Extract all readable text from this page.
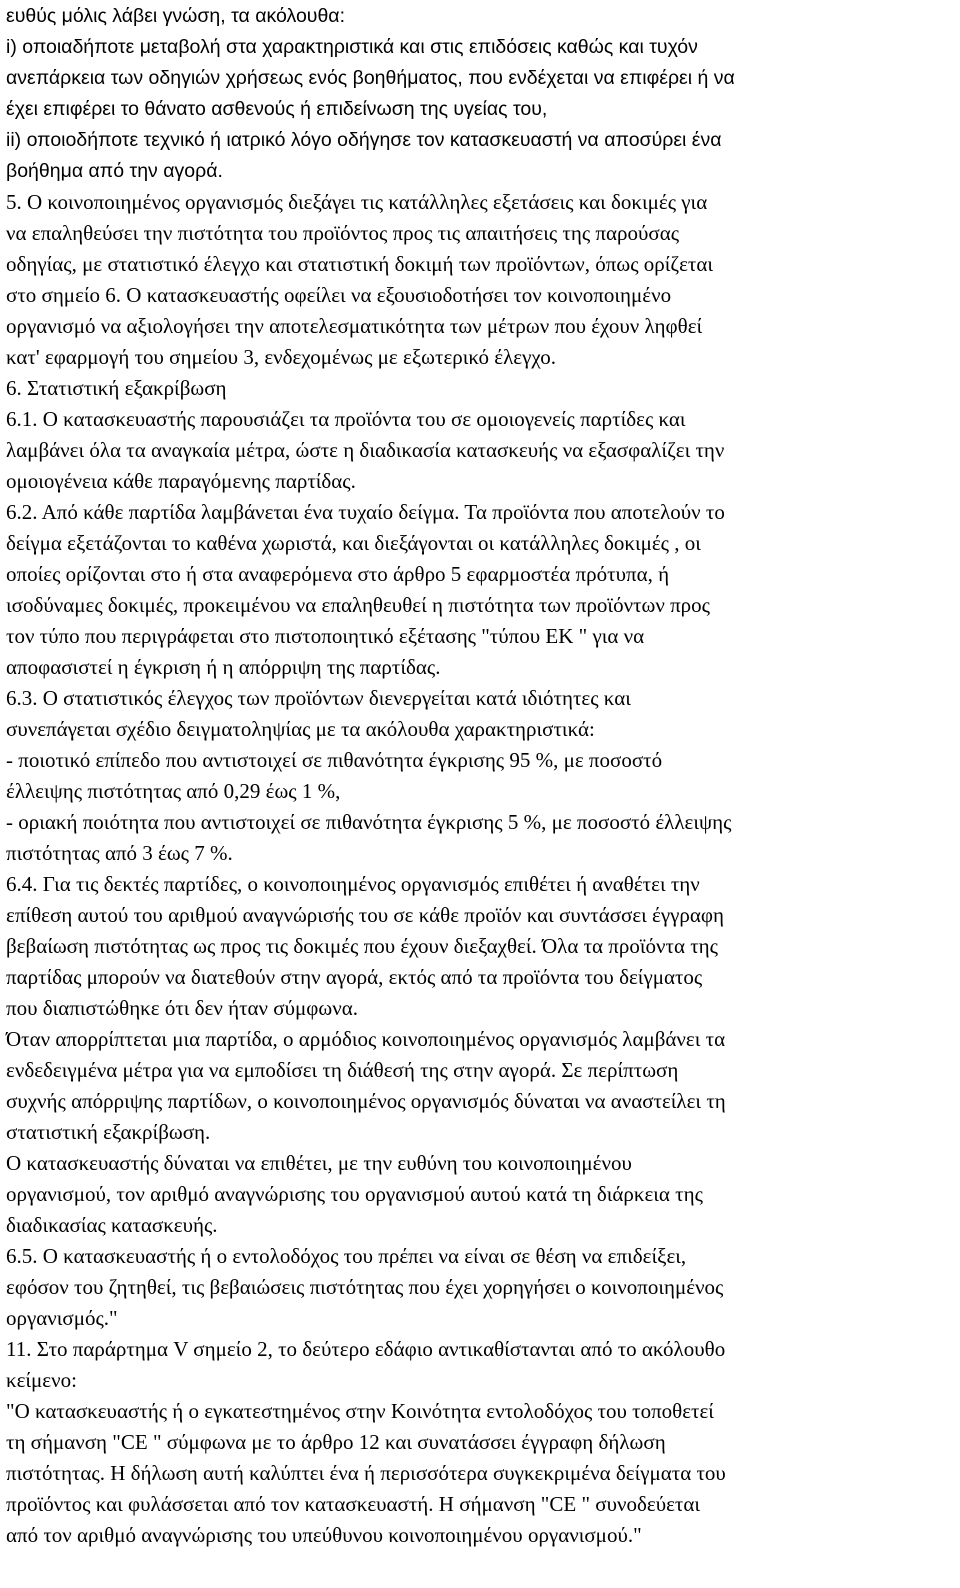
ευθύς μόλις λάβει γνώση, τα ακόλουθα:
i) οποιαδήποτε μεταβολή στα χαρακτηριστικά και στις επιδόσεις καθώς και τυχόν
ανεπάρκεια των οδηγιών χρήσεως ενός βοηθήματος, που ενδέχεται να επιφέρει ή να
έχει επιφέρει το θάνατο ασθενούς ή επιδείνωση της υγείας του,
ii) οποιοδήποτε τεχνικό ή ιατρικό λόγο οδήγησε τον κατασκευαστή να αποσύρει ένα
βοήθημα από την αγορά.
5. Ο κοινοποιημένος οργανισμός διεξάγει τις κατάλληλες εξετάσεις και δοκιμές για
να επαληθεύσει την πιστότητα του προϊόντος προς τις απαιτήσεις της παρούσας
οδηγίας, με στατιστικό έλεγχο και στατιστική δοκιμή των προϊόντων, όπως ορίζεται
στο σημείο 6. Ο κατασκευαστής οφείλει να εξουσιοδοτήσει τον κοινοποιημένο
οργανισμό να αξιολογήσει την αποτελεσματικότητα των μέτρων που έχουν ληφθεί
κατ' εφαρμογή του σημείου 3, ενδεχομένως με εξωτερικό έλεγχο.
6. Στατιστική εξακρίβωση
6.1. Ο κατασκευαστής παρουσιάζει τα προϊόντα του σε ομοιογενείς παρτίδες και
λαμβάνει όλα τα αναγκαία μέτρα, ώστε η διαδικασία κατασκευής να εξασφαλίζει την
ομοιογένεια κάθε παραγόμενης παρτίδας.
6.2. Από κάθε παρτίδα λαμβάνεται ένα τυχαίο δείγμα. Τα προϊόντα που αποτελούν το
δείγμα εξετάζονται το καθένα χωριστά, και διεξάγονται οι κατάλληλες δοκιμές , οι
οποίες ορίζονται στο ή στα αναφερόμενα στο άρθρο 5 εφαρμοστέα πρότυπα, ή
ισοδύναμες δοκιμές, προκειμένου να επαληθευθεί η πιστότητα των προϊόντων προς
τον τύπο που περιγράφεται στο πιστοποιητικό εξέτασης "τύπου ΕΚ " για να
αποφασιστεί η έγκριση ή η απόρριψη της παρτίδας.
6.3. Ο στατιστικός έλεγχος των προϊόντων διενεργείται κατά ιδιότητες και
συνεπάγεται σχέδιο δειγματοληψίας με τα ακόλουθα χαρακτηριστικά:
- ποιοτικό επίπεδο που αντιστοιχεί σε πιθανότητα έγκρισης 95 %, με ποσοστό
έλλειψης πιστότητας από 0,29 έως 1 %,
- οριακή ποιότητα που αντιστοιχεί σε πιθανότητα έγκρισης 5 %, με ποσοστό έλλειψης
πιστότητας από 3 έως 7 %.
6.4. Για τις δεκτές παρτίδες, ο κοινοποιημένος οργανισμός επιθέτει ή αναθέτει την
επίθεση αυτού του αριθμού αναγνώρισής του σε κάθε προϊόν και συντάσσει έγγραφη
βεβαίωση πιστότητας ως προς τις δοκιμές που έχουν διεξαχθεί. Όλα τα προϊόντα της
παρτίδας μπορούν να διατεθούν στην αγορά, εκτός από τα προϊόντα του δείγματος
που διαπιστώθηκε ότι δεν ήταν σύμφωνα.
Όταν απορρίπτεται μια παρτίδα, ο αρμόδιος κοινοποιημένος οργανισμός λαμβάνει τα
ενδεδειγμένα μέτρα για να εμποδίσει τη διάθεσή της στην αγορά. Σε περίπτωση
συχνής απόρριψης παρτίδων, ο κοινοποιημένος οργανισμός δύναται να αναστείλει τη
στατιστική εξακρίβωση.
Ο κατασκευαστής δύναται να επιθέτει, με την ευθύνη του κοινοποιημένου
οργανισμού, τον αριθμό αναγνώρισης του οργανισμού αυτού κατά τη διάρκεια της
διαδικασίας κατασκευής.
6.5. Ο κατασκευαστής ή ο εντολοδόχος του πρέπει να είναι σε θέση να επιδείξει,
εφόσον του ζητηθεί, τις βεβαιώσεις πιστότητας που έχει χορηγήσει ο κοινοποιημένος
οργανισμός."
11. Στο παράρτημα V σημείο 2, το δεύτερο εδάφιο αντικαθίστανται από το ακόλουθο
κείμενο:
"Ο κατασκευαστής ή ο εγκατεστημένος στην Κοινότητα εντολοδόχος του τοποθετεί
τη σήμανση "CE " σύμφωνα με το άρθρο 12 και συνατάσσει έγγραφη δήλωση
πιστότητας. Η δήλωση αυτή καλύπτει ένα ή περισσότερα συγκεκριμένα δείγματα του
προϊόντος και φυλάσσεται από τον κατασκευαστή. Η σήμανση "CE " συνοδεύεται
από τον αριθμό αναγνώρισης του υπεύθυνου κοινοποιημένου οργανισμού."
